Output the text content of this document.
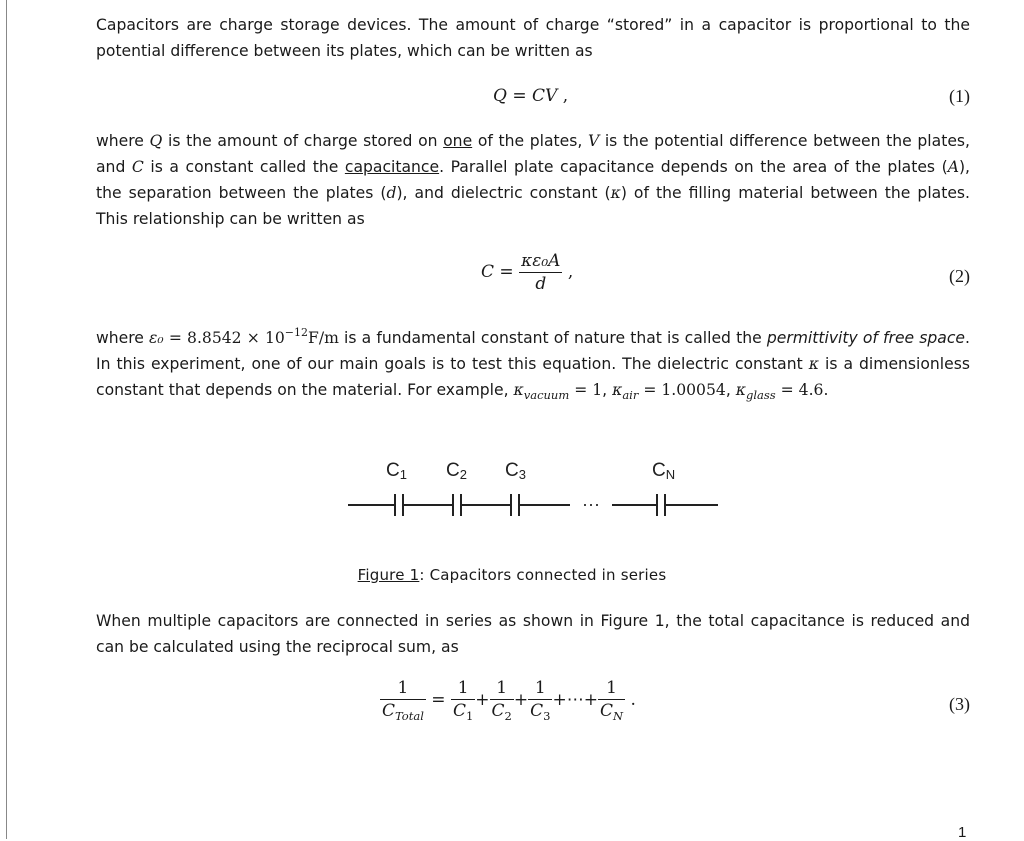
Capacitors are charge storage devices. The amount of charge “stored” in a capacitor is proportional to the potential difference between its plates, which can be written as

Q = CV ,	(1)

where Q is the amount of charge stored on one of the plates, V is the potential difference between the plates, and C is a constant called the capacitance. Parallel plate capacitance depends on the area of the plates (A), the separation between the plates (d), and dielectric constant (κ) of the filling material between the plates. This relationship can be written as

$C = \frac{\text{κε₀A}}{d}$ ,	(2)

where $\varepsilon_0 = 8.8542 \times 10^{-12}F/m$ is a fundamental constant of nature that is called the permittivity of free space. In this experiment, one of our main goals is to test this equation. The dielectric constant κ is a dimensionless constant that depends on the material. For example, $\kappa_{vacuum} = 1$, $\kappa_{air} = 1.00054$, $\kappa_{glass} = 4.6$.

C1 C2 C3	CN
···
Figure 1: Capacitors connected in series

When multiple capacitors are connected in series as shown in Figure 1, the total capacitance is reduced and can be calculated using the reciprocal sum, as

$\frac{1}{C_{Total}} = \frac{1}{C_1} + \frac{1}{C_2} + \frac{1}{C_3}$ +⋯+ $\frac{1}{C_N}$ .	(3)
1
